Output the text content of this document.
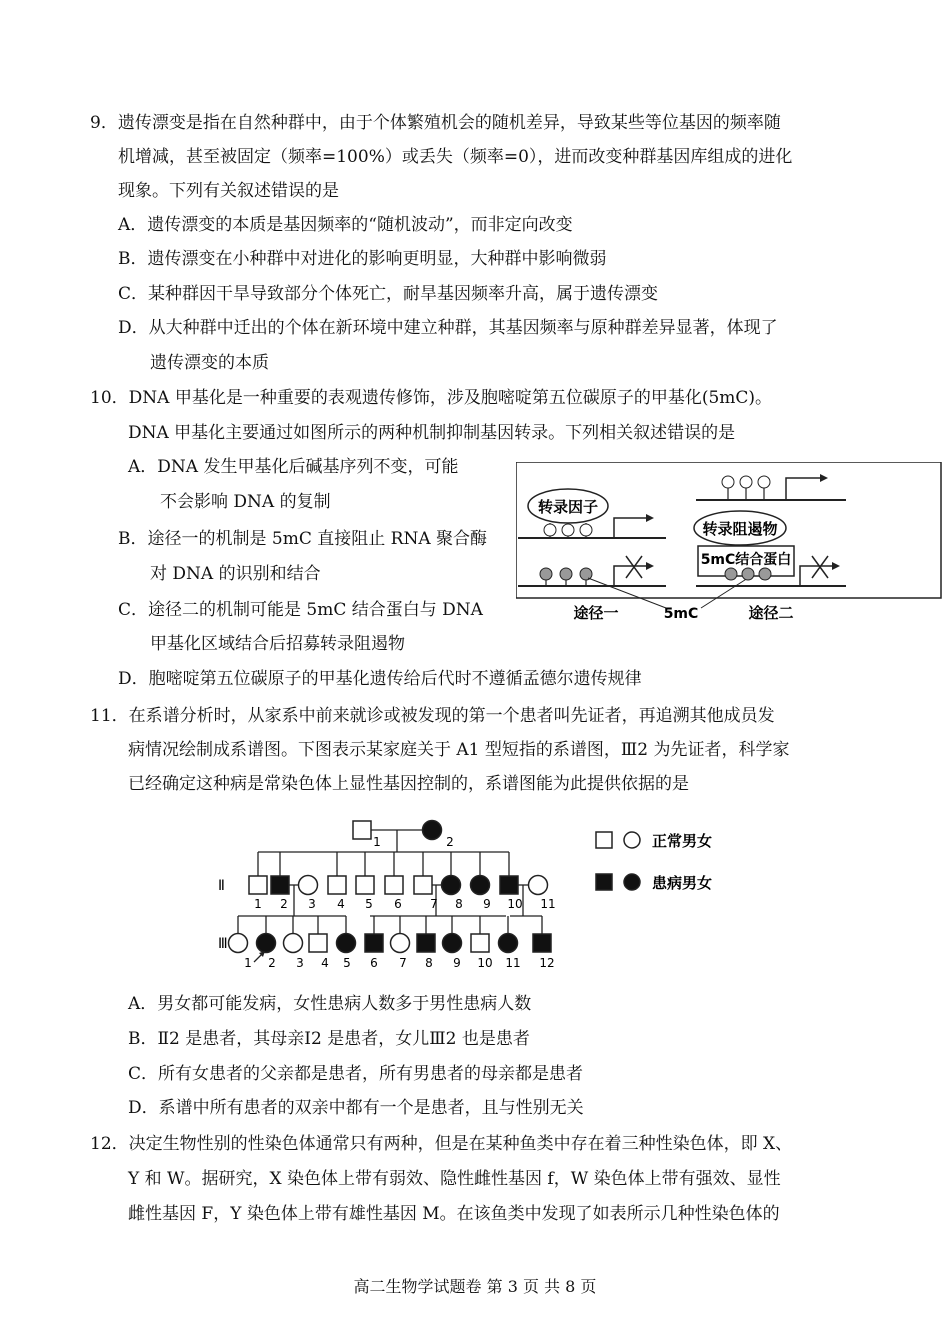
9．遗传漂变是指在自然种群中，由于个体繁殖机会的随机差异，导致某些等位基因的频率随
机增减，甚至被固定（频率=100%）或丢失（频率=0），进而改变种群基因库组成的进化
现象。下列有关叙述错误的是
A．遗传漂变的本质是基因频率的“随机波动”，而非定向改变
B．遗传漂变在小种群中对进化的影响更明显，大种群中影响微弱
C．某种群因干旱导致部分个体死亡，耐旱基因频率升高，属于遗传漂变
D．从大种群中迁出的个体在新环境中建立种群，其基因频率与原种群差异显著，体现了
遗传漂变的本质
10．DNA 甲基化是一种重要的表观遗传修饰，涉及胞嘧啶第五位碳原子的甲基化(5mC)。
DNA 甲基化主要通过如图所示的两种机制抑制基因转录。下列相关叙述错误的是
A．DNA 发生甲基化后碱基序列不变，可能
不会影响 DNA 的复制
B．途径一的机制是 5mC 直接阻止 RNA 聚合酶
对 DNA 的识别和结合
C．途径二的机制可能是 5mC 结合蛋白与 DNA
甲基化区域结合后招募转录阻遏物
D．胞嘧啶第五位碳原子的甲基化遗传给后代时不遵循孟德尔遗传规律
转录因子
途径一	5mC
转录阻遏物
5mC结合蛋白
途径二
11．在系谱分析时，从家系中前来就诊或被发现的第一个患者叫先证者，再追溯其他成员发
病情况绘制成系谱图。下图表示某家庭关于 A1 型短指的系谱图，Ⅲ2 为先证者，科学家
已经确定这种病是常染色体上显性基因控制的，系谱图能为此提供依据的是
正常男女
患病男女
Ⅱ
Ⅲ
1	2
1 2 3 4 5 6 7 8 9 10 11
1 2 3 4 5 6 7 8 9 10 11 12
A．男女都可能发病，女性患病人数多于男性患病人数
B．Ⅱ2 是患者，其母亲Ⅰ2 是患者，女儿Ⅲ2 也是患者
C．所有女患者的父亲都是患者，所有男患者的母亲都是患者
D．系谱中所有患者的双亲中都有一个是患者，且与性别无关
12．决定生物性别的性染色体通常只有两种，但是在某种鱼类中存在着三种性染色体，即 X、
Y 和 W。据研究，X 染色体上带有弱效、隐性雌性基因 f，W 染色体上带有强效、显性
雌性基因 F，Y 染色体上带有雄性基因 M。在该鱼类中发现了如表所示几种性染色体的
高二生物学试题卷 第 3 页 共 8 页
